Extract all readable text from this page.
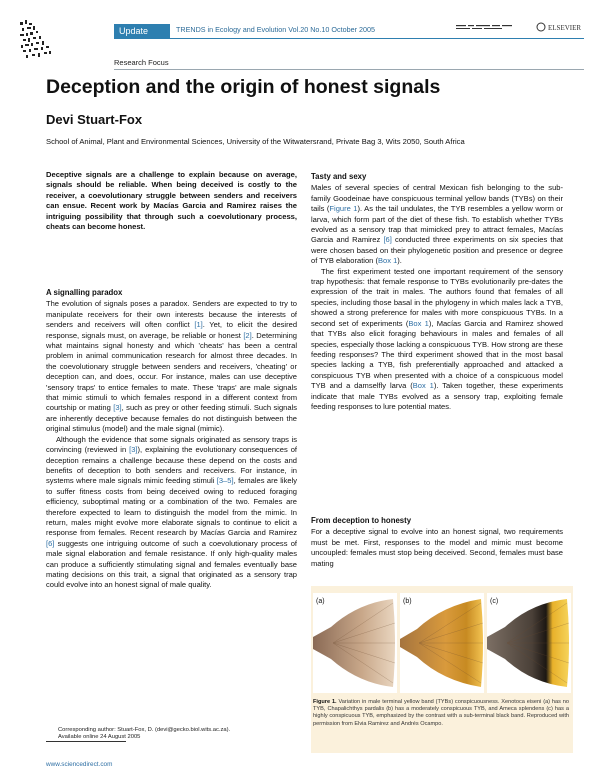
Update	TRENDS in Ecology and Evolution Vol.20 No.10 October 2005	ELSEVIER
Research Focus
Deception and the origin of honest signals
Devi Stuart-Fox
School of Animal, Plant and Environmental Sciences, University of the Witwatersrand, Private Bag 3, Wits 2050, South Africa
Deceptive signals are a challenge to explain because on average, signals should be reliable. When being deceived is costly to the receiver, a coevolutionary struggle between senders and receivers can ensue. Recent work by Macías Garcia and Ramirez raises the intriguing possibility that through such a coevolutionary process, cheats can become honest.
A signalling paradox

The evolution of signals poses a paradox. Senders are expected to try to manipulate receivers for their own interests because the interests of senders and receivers will often conflict [1]. Yet, to elicit the desired response, signals must, on average, be reliable or honest [2]. Determining what maintains signal honesty and which 'cheats' has been a central problem in animal communication research for almost three decades. In the coevolutionary struggle between senders and receivers, 'cheating' or deception can, and does, occur. For instance, males can use deceptive 'sensory traps' to entice females to mate. These 'traps' are male signals that mimic stimuli to which females respond in a different context from courtship or mating [3], such as prey or other feeding stimuli. Such signals are inherently deceptive because females do not distinguish between the original stimulus (model) and the male signal (mimic).

Although the evidence that some signals originated as sensory traps is convincing (reviewed in [3]), explaining the evolutionary consequences of deception remains a challenge because these depend on the costs and benefits of deception to both senders and receivers. For instance, in systems where male signals mimic feeding stimuli [3–5], females are likely to suffer fitness costs from being deceived owing to reduced foraging efficiency, suboptimal mating or a combination of the two. Females are therefore expected to learn to distinguish the model from the mimic. In return, males might evolve more elaborate signals to continue to elicit a response from females. Recent research by Macías Garcia and Ramirez [6] suggests one intriguing outcome of such a coevolutionary process of male signal elaboration and female resistance. If only high-quality males can produce a sufficiently stimulating signal and females eventually base mating decisions on this trait, a signal that originated as a sensory trap could evolve into an honest signal of male quality.

Tasty and sexy

Males of several species of central Mexican fish belonging to the sub-family Goodeinae have conspicuous terminal yellow bands (TYBs) on their tails (Figure 1). As the tail undulates, the TYB resembles a yellow worm or larva, which form part of the diet of these fish. To establish whether TYBs evolved as a sensory trap that mimicked prey to attract females, Macías Garcia and Ramirez [6] conducted three experiments on six species that were chosen based on their phylogenetic position and presence or degree of TYB elaboration (Box 1).

The first experiment tested one important requirement of the sensory trap hypothesis: that female response to TYBs evolutionarily pre-dates the expression of the trait in males. The authors found that females of all species, including those basal in the phylogeny in which males lack a TYB, showed a strong preference for males with more conspicuous TYBs. In a second set of experiments (Box 1), Macías Garcia and Ramirez showed that TYBs also elicit foraging behaviours in males and females of all species, especially those lacking a conspicuous TYB. How strong are these feeding responses? The third experiment showed that in the most basal species lacking a TYB, fish preferentially approached and attacked a conspicuous TYB when presented with a choice of a conspicuous model TYB and a damselfly larva (Box 1). Taken together, these experiments indicate that male TYBs evolved as a sensory trap, exploiting female feeding responses to lure potential mates.

From deception to honesty

For a deceptive signal to evolve into an honest signal, two requirements must be met. First, responses to the model and mimic must become uncoupled: females must stop being deceived. Second, females must base mating

(a)	(b)	(c)
Figure 1. Variation in male terminal yellow band (TYBs) conspicuousness. Xenotoca eiseni (a) has no TYB, Chapalichthys pardalis (b) has a moderately conspicuous TYB, and Ameca splendens (c) has a highly conspicuous TYB, emphasized by the contrast with a sub-terminal black band. Reproduced with permission from Elvia Ramirez and Andrés Ocampo.
Corresponding author: Stuart-Fox, D. (devi@gecko.biol.wits.ac.za).
Available online 24 August 2005
www.sciencedirect.com
